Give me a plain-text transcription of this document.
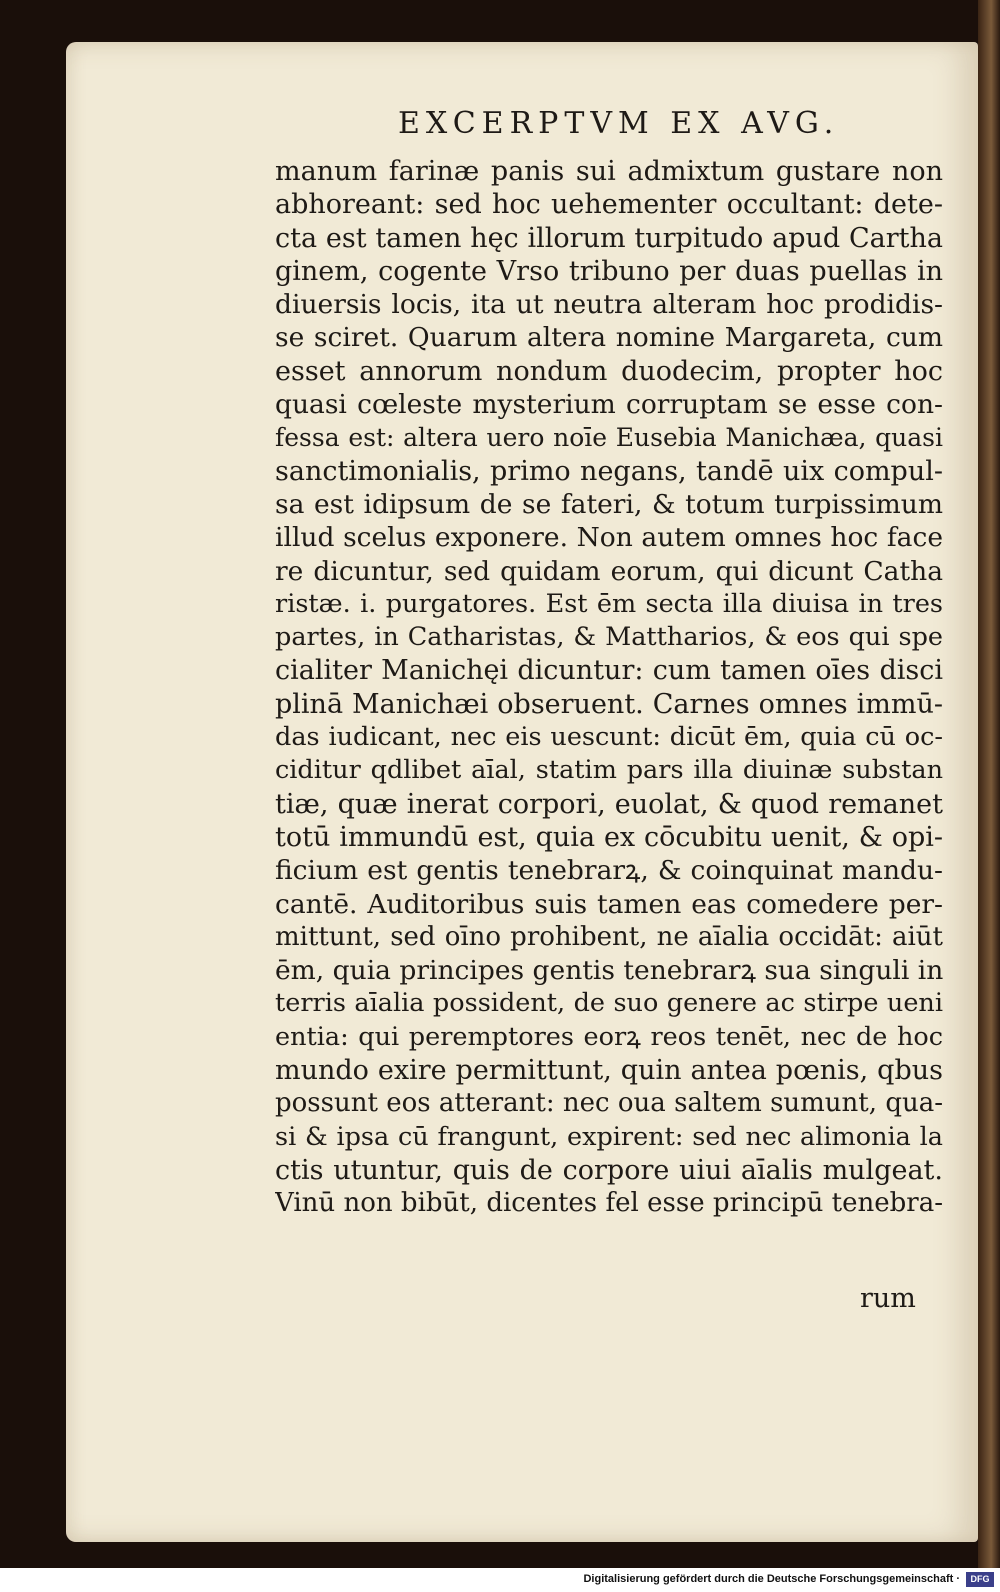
EXCERPTVM EX AVG.
manum farinæ panis sui admixtum gustare non
abhoreant: sed hoc uehementer occultant: dete-
cta est tamen hęc illorum turpitudo apud Cartha
ginem, cogente Vrso tribuno per duas puellas in
diuersis locis, ita ut neutra alteram hoc prodidis-
se sciret. Quarum altera nomine Margareta, cum
esset annorum nondum duodecim, propter hoc
quasi cœleste mysterium corruptam se esse con-
fessa est: altera uero noīe Eusebia Manichæa, quasi
sanctimonialis, primo negans, tandē uix compul-
sa est idipsum de se fateri, & totum turpissimum
illud scelus exponere. Non autem omnes hoc face
re dicuntur, sed quidam eorum, qui dicunt Catha
ristæ. i. purgatores. Est ēm secta illa diuisa in tres
partes, in Catharistas, & Mattharios, & eos qui spe
cialiter Manichęi dicuntur: cum tamen oīes disci
plinā Manichæi obseruent. Carnes omnes immū-
das iudicant, nec eis uescunt: dicūt ēm, quia cū oc-
ciditur qdlibet aīal, statim pars illa diuinæ substan
tiæ, quæ inerat corpori, euolat, & quod remanet
totū immundū est, quia ex cōcubitu uenit, & opi-
ficium est gentis tenebrarꝝ, & coinquinat mandu-
cantē. Auditoribus suis tamen eas comedere per-
mittunt, sed oīno prohibent, ne aīalia occidāt: aiūt
ēm, quia principes gentis tenebrarꝝ sua singuli in
terris aīalia possident, de suo genere ac stirpe ueni
entia: qui peremptores eorꝝ reos tenēt, nec de hoc
mundo exire permittunt, quin antea pœnis, qbus
possunt eos atterant: nec oua saltem sumunt, qua-
si & ipsa cū frangunt, expirent: sed nec alimonia la
ctis utuntur, quis de corpore uiui aīalis mulgeat.
Vinū non bibūt, dicentes fel esse principū tenebra-
rum
Digitalisierung gefördert durch die Deutsche Forschungsgemeinschaft ·	DFG
